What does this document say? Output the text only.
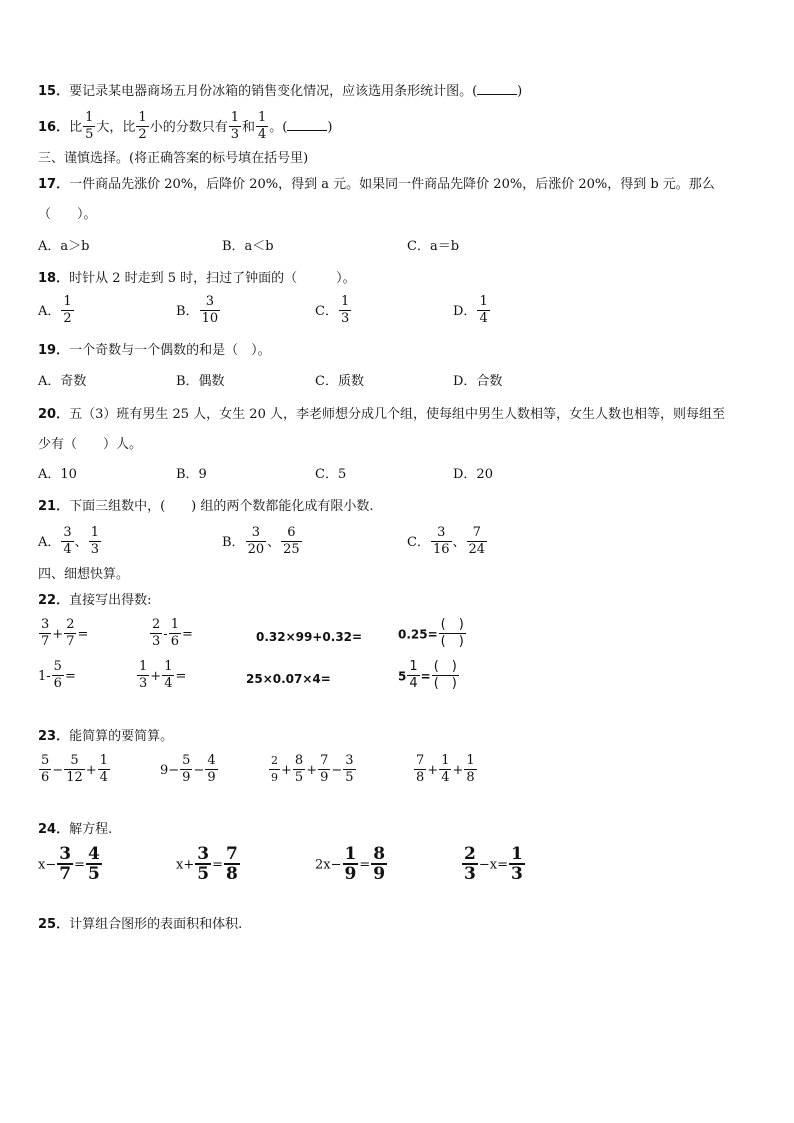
15．要记录某电器商场五月份冰箱的销售变化情况，应该选用条形统计图。(	)
16．比 $\frac{1}{5}$ 大，比 $\frac{1}{2}$ 小的分数只有 $\frac{1}{3}$ 和 $\frac{1}{4}$ 。(	)
三、谨慎选择。(将正确答案的标号填在括号里)
17．一件商品先涨价 20%，后降价 20%，得到 a 元。如果同一件商品先降价 20%，后涨价 20%，得到 b 元。那么
（　　）。
A．a＞b	B．a＜b	C．a＝b
18．时针从 2 时走到 5 时，扫过了钟面的（　　　）。
A． $\frac{1}{2}$	B． $\frac{3}{10}$	C． $\frac{1}{3}$	D． $\frac{1}{4}$
19．一个奇数与一个偶数的和是（　）。
A．奇数	B．偶数	C．质数	D．合数
20．五（3）班有男生 25 人，女生 20 人，李老师想分成几个组，使每组中男生人数相等，女生人数也相等，则每组至
少有（　　）人。
A．10	B．9	C．5	D．20
21．下面三组数中，(　　) 组的两个数都能化成有限小数.
A． $\frac{3}{4}$ 、 $\frac{1}{3}$	B． $\frac{3}{20}$ 、 $\frac{6}{25}$	C． $\frac{3}{16}$ 、 $\frac{7}{24}$
四、细想快算。
22．直接写出得数:
$\frac{3}{7} + \frac{2}{7}$ =	$\frac{2}{3} - \frac{1}{6}$ =	0.32×99+0.32=	$0.25= \frac{( )}{( )}$
$1- \frac{5}{6}$ =	$\frac{1}{3} + \frac{1}{4}$ =	25×0.07×4=	$5 \frac{1}{4} = \frac{( )}{( )}$
23．能简算的要简算。
$\frac{5}{6} - \frac{5}{12} + \frac{1}{4}$	$9- \frac{5}{9} - \frac{4}{9}$	$\frac{2}{9} + \frac{8}{5} + \frac{7}{9} - \frac{3}{5}$	$\frac{7}{8} + \frac{1}{4} + \frac{1}{8}$
24．解方程.
$x- \frac{3}{7} = \frac{4}{5}$	$x+ \frac{3}{5} = \frac{7}{8}$	$2x- \frac{1}{9} = \frac{8}{9}$	$\frac{2}{3} -x= \frac{1}{3}$
25．计算组合图形的表面积和体积.
